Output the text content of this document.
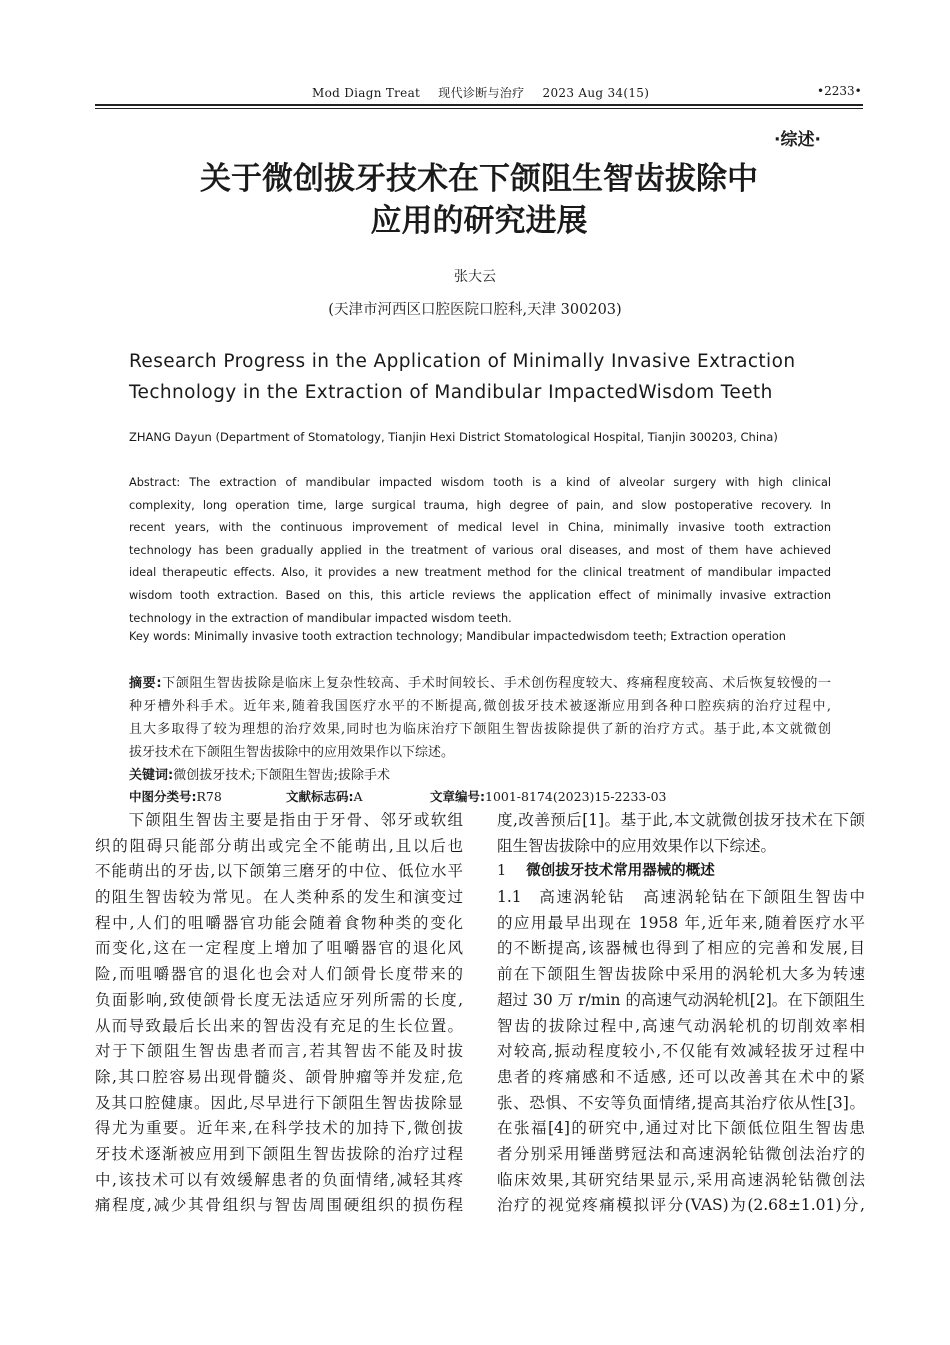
Mod Diagn Treat 现代诊断与治疗 2023 Aug 34(15)	•2233•
·综述·
关于微创拔牙技术在下颌阻生智齿拔除中
应用的研究进展
张大云
(天津市河西区口腔医院口腔科,天津 300203)
Research Progress in the Application of Minimally Invasive Extraction
Technology in the Extraction of Mandibular ImpactedWisdom Teeth
ZHANG Dayun (Department of Stomatology, Tianjin Hexi District Stomatological Hospital, Tianjin 300203, China)
Abstract: The extraction of mandibular impacted wisdom tooth is a kind of alveolar surgery with high clinical
complexity, long operation time, large surgical trauma, high degree of pain, and slow postoperative recovery. In
recent years, with the continuous improvement of medical level in China, minimally invasive tooth extraction
technology has been gradually applied in the treatment of various oral diseases, and most of them have achieved
ideal therapeutic effects. Also, it provides a new treatment method for the clinical treatment of mandibular impacted
wisdom tooth extraction. Based on this, this article reviews the application effect of minimally invasive extraction
technology in the extraction of mandibular impacted wisdom teeth.
Key words: Minimally invasive tooth extraction technology; Mandibular impactedwisdom teeth; Extraction operation
摘要:下颌阻生智齿拔除是临床上复杂性较高、手术时间较长、手术创伤程度较大、疼痛程度较高、术后恢复较慢的一
种牙槽外科手术。近年来,随着我国医疗水平的不断提高,微创拔牙技术被逐渐应用到各种口腔疾病的治疗过程中,
且大多取得了较为理想的治疗效果,同时也为临床治疗下颌阻生智齿拔除提供了新的治疗方式。基于此,本文就微创
拔牙技术在下颌阻生智齿拔除中的应用效果作以下综述。
关键词:微创拔牙技术;下颌阻生智齿;拔除手术
中图分类号:R78	文献标志码:A	文章编号:1001-8174(2023)15-2233-03
　　下颌阻生智齿主要是指由于牙骨、邻牙或软组
织的阻碍只能部分萌出或完全不能萌出,且以后也
不能萌出的牙齿,以下颌第三磨牙的中位、低位水平
的阻生智齿较为常见。在人类种系的发生和演变过
程中,人们的咀嚼器官功能会随着食物种类的变化
而变化,这在一定程度上增加了咀嚼器官的退化风
险,而咀嚼器官的退化也会对人们颌骨长度带来的
负面影响,致使颌骨长度无法适应牙列所需的长度,
从而导致最后长出来的智齿没有充足的生长位置。
对于下颌阻生智齿患者而言,若其智齿不能及时拔
除,其口腔容易出现骨髓炎、颌骨肿瘤等并发症,危
及其口腔健康。因此,尽早进行下颌阻生智齿拔除显
得尤为重要。近年来,在科学技术的加持下,微创拔
牙技术逐渐被应用到下颌阻生智齿拔除的治疗过程
中,该技术可以有效缓解患者的负面情绪,减轻其疼
痛程度,减少其骨组织与智齿周围硬组织的损伤程
度,改善预后[1]。基于此,本文就微创拔牙技术在下颌
阻生智齿拔除中的应用效果作以下综述。
1 微创拔牙技术常用器械的概述
1.1 高速涡轮钻 高速涡轮钻在下颌阻生智齿中
的应用最早出现在 1958 年,近年来,随着医疗水平
的不断提高,该器械也得到了相应的完善和发展,目
前在下颌阻生智齿拔除中采用的涡轮机大多为转速
超过 30 万 r/min 的高速气动涡轮机[2]。在下颌阻生
智齿的拔除过程中,高速气动涡轮机的切削效率相
对较高,振动程度较小,不仅能有效减轻拔牙过程中
患者的疼痛感和不适感, 还可以改善其在术中的紧
张、恐惧、不安等负面情绪,提高其治疗依从性[3]。
在张福[4]的研究中,通过对比下颌低位阻生智齿患
者分别采用锤凿劈冠法和高速涡轮钻微创法治疗的
临床效果,其研究结果显示,采用高速涡轮钻微创法
治疗的视觉疼痛模拟评分(VAS)为(2.68±1.01)分,
